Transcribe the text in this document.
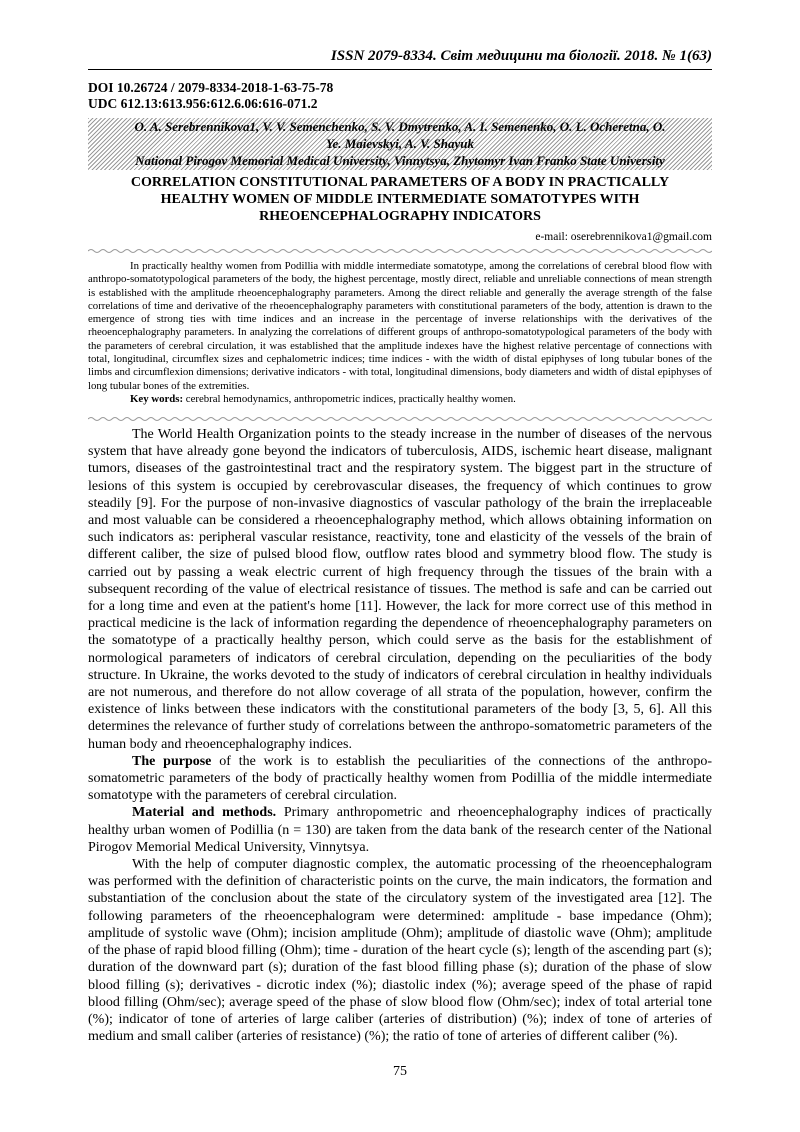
ISSN 2079-8334. Світ медицини та біології. 2018. № 1(63)
DOI 10.26724 / 2079-8334-2018-1-63-75-78
UDC 612.13:613.956:612.6.06:616-071.2
O. A. Serebrennikova1, V. V. Semenchenko, S. V. Dmytrenko, A. I. Semenenko, O. L. Ocheretna, O.
Ye. Maievskyi, A. V. Shayuk
National Pirogov Memorial Medical University, Vinnytsya, Zhytomyr Ivan Franko State University
CORRELATION CONSTITUTIONAL PARAMETERS OF A BODY IN PRACTICALLY
HEALTHY WOMEN OF MIDDLE INTERMEDIATE SOMATOTYPES WITH
RHEOENCEPHALOGRAPHY INDICATORS
e-mail: oserebrennikova1@gmail.com

In practically healthy women from Podillia with middle intermediate somatotype, among the correlations of cerebral blood flow with anthropo-somatotypological parameters of the body, the highest percentage, mostly direct, reliable and unreliable connections of mean strength is established with the amplitude rheoencephalography parameters. Among the direct reliable and generally the average strength of the false correlations of time and derivative of the rheoencephalography parameters with constitutional parameters of the body, attention is drawn to the emergence of strong ties with time indices and an increase in the percentage of inverse relationships with the derivatives of the rheoencephalography parameters. In analyzing the correlations of different groups of anthropo-somatotypological parameters of the body with the parameters of cerebral circulation, it was established that the amplitude indexes have the highest relative percentage of connections with total, longitudinal, circumflex sizes and cephalometric indices; time indices - with the width of distal epiphyses of long tubular bones of the limbs and circumflexion dimensions; derivative indicators - with total, longitudinal dimensions, body diameters and width of distal epiphyses of long tubular bones of the extremities.

Key words: cerebral hemodynamics, anthropometric indices, practically healthy women.

The World Health Organization points to the steady increase in the number of diseases of the nervous system that have already gone beyond the indicators of tuberculosis, AIDS, ischemic heart disease, malignant tumors, diseases of the gastrointestinal tract and the respiratory system. The biggest part in the structure of lesions of this system is occupied by cerebrovascular diseases, the frequency of which continues to grow steadily [9]. For the purpose of non-invasive diagnostics of vascular pathology of the brain the irreplaceable and most valuable can be considered a rheoencephalography method, which allows obtaining information on such indicators as: peripheral vascular resistance, reactivity, tone and elasticity of the vessels of the brain of different caliber, the size of pulsed blood flow, outflow rates blood and symmetry blood flow. The study is carried out by passing a weak electric current of high frequency through the tissues of the brain with a subsequent recording of the value of electrical resistance of tissues. The method is safe and can be carried out for a long time and even at the patient's home [11]. However, the lack for more correct use of this method in practical medicine is the lack of information regarding the dependence of rheoencephalography parameters on the somatotype of a practically healthy person, which could serve as the basis for the establishment of normological parameters of indicators of cerebral circulation, depending on the peculiarities of the body structure. In Ukraine, the works devoted to the study of indicators of cerebral circulation in healthy individuals are not numerous, and therefore do not allow coverage of all strata of the population, however, confirm the existence of links between these indicators with the constitutional parameters of the body [3, 5, 6]. All this determines the relevance of further study of correlations between the anthropo-somatometric parameters of the human body and rheoencephalography indices.

The purpose of the work is to establish the peculiarities of the connections of the anthropo-somatometric parameters of the body of practically healthy women from Podillia of the middle intermediate somatotype with the parameters of cerebral circulation.

Material and methods. Primary anthropometric and rheoencephalography indices of practically healthy urban women of Podillia (n = 130) are taken from the data bank of the research center of the National Pirogov Memorial Medical University, Vinnytsya.

With the help of computer diagnostic complex, the automatic processing of the rheoencephalogram was performed with the definition of characteristic points on the curve, the main indicators, the formation and substantiation of the conclusion about the state of the circulatory system of the investigated area [12]. The following parameters of the rheoencephalogram were determined: amplitude - base impedance (Ohm); amplitude of systolic wave (Ohm); incision amplitude (Ohm); amplitude of diastolic wave (Ohm); amplitude of the phase of rapid blood filling (Ohm); time - duration of the heart cycle (s); length of the ascending part (s); duration of the downward part (s); duration of the fast blood filling phase (s); duration of the phase of slow blood filling (s); derivatives - dicrotic index (%); diastolic index (%); average speed of the phase of rapid blood filling (Ohm/sec); average speed of the phase of slow blood flow (Ohm/sec); index of total arterial tone (%); indicator of tone of arteries of large caliber (arteries of distribution) (%); index of tone of arteries of medium and small caliber (arteries of resistance) (%); the ratio of tone of arteries of different caliber (%).

75
